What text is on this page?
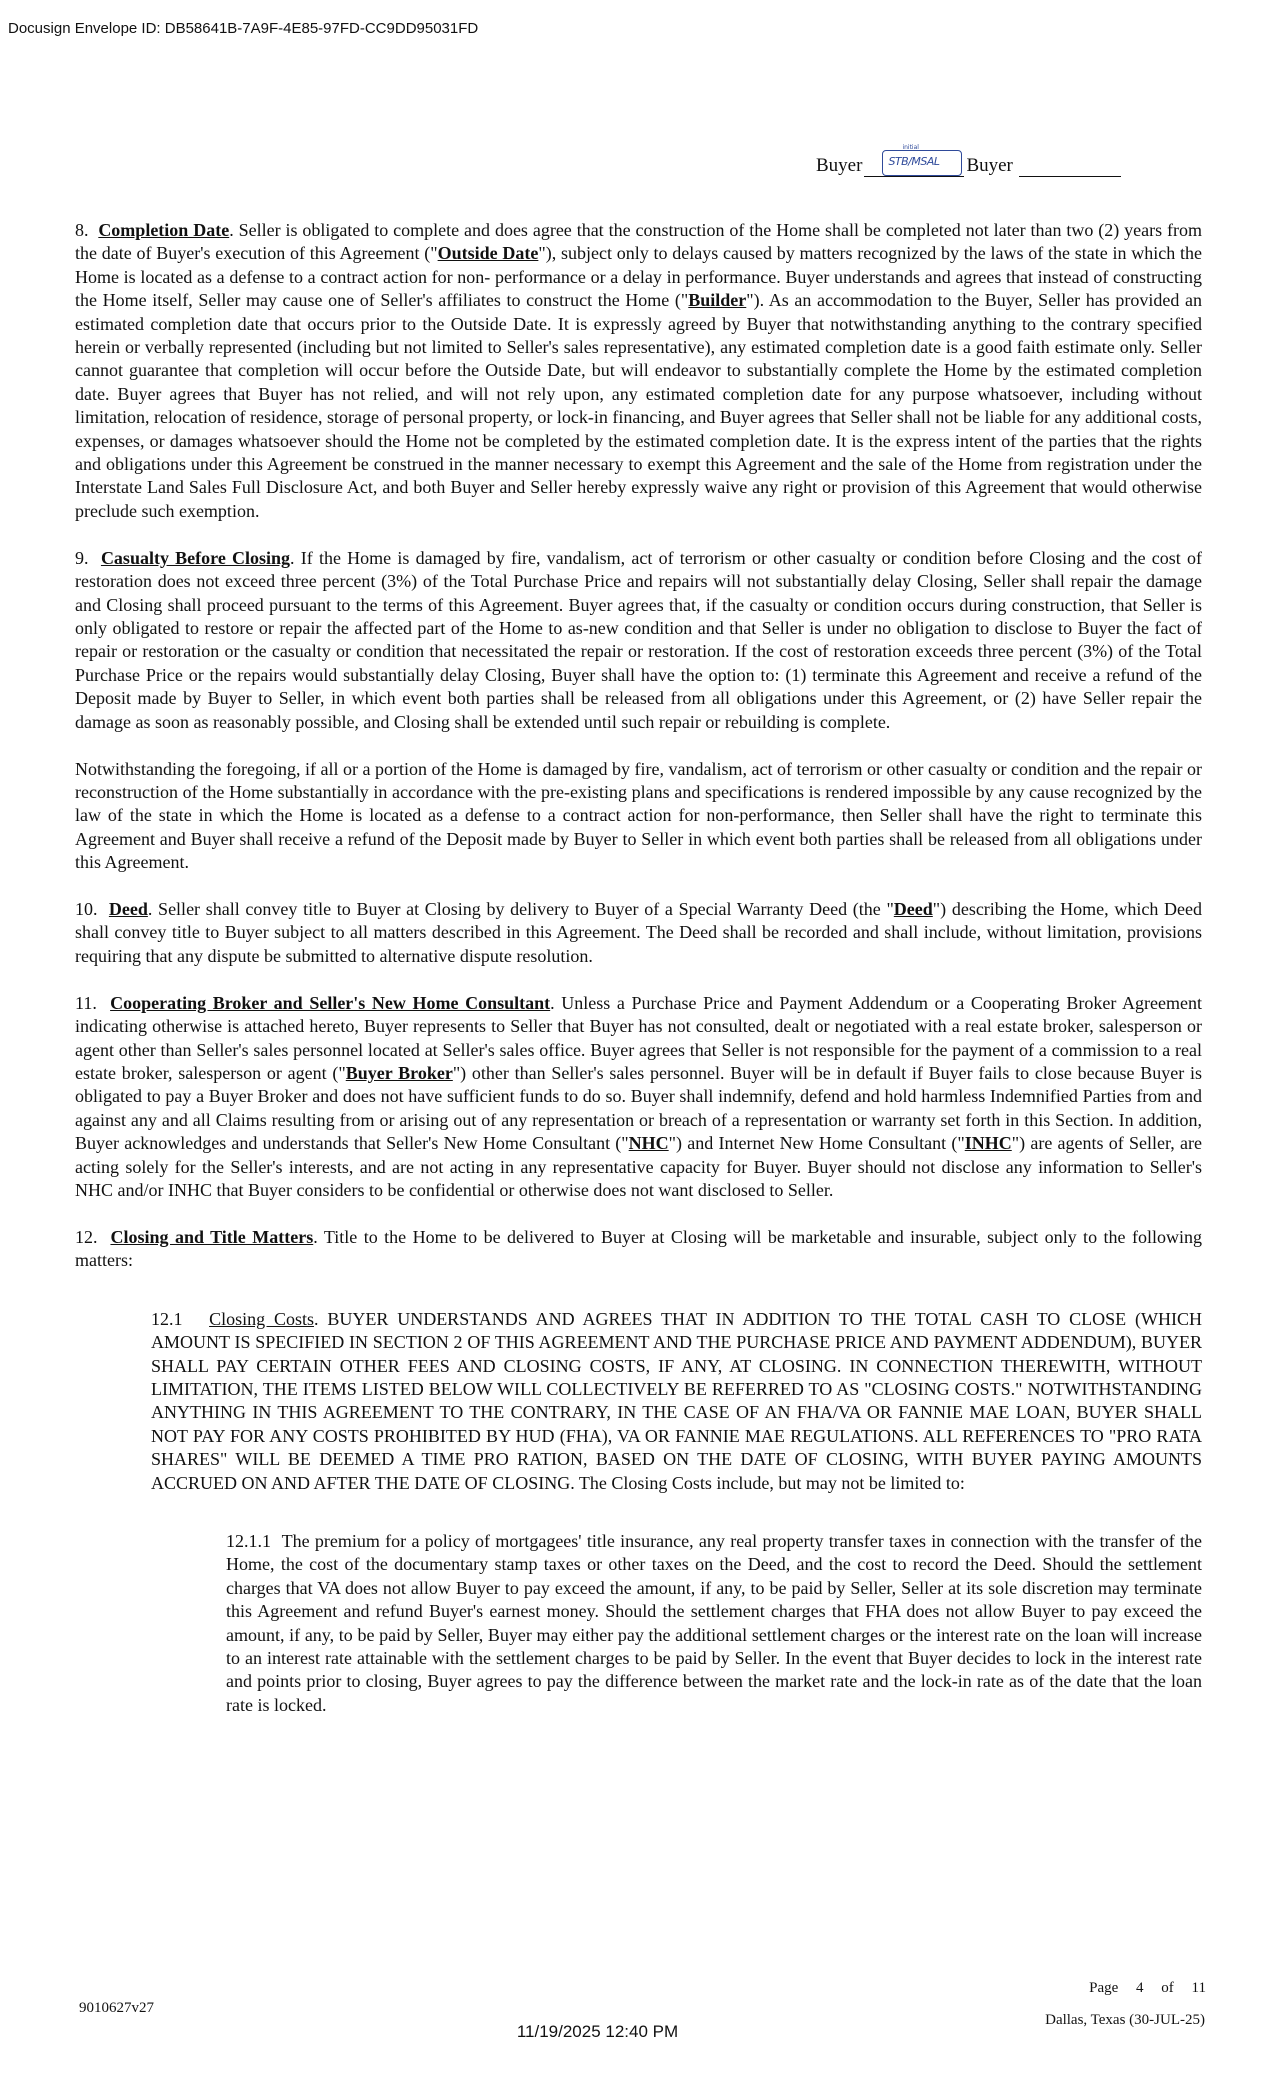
Docusign Envelope ID: DB58641B-7A9F-4E85-97FD-CC9DD95031FD
Buyer
initial
STB/MSAL Buyer

8. Completion Date. Seller is obligated to complete and does agree that the construction of the Home shall be completed not later than two (2) years from the date of Buyer's execution of this Agreement ("Outside Date"), subject only to delays caused by matters recognized by the laws of the state in which the Home is located as a defense to a contract action for non- performance or a delay in performance. Buyer understands and agrees that instead of constructing the Home itself, Seller may cause one of Seller's affiliates to construct the Home ("Builder"). As an accommodation to the Buyer, Seller has provided an estimated completion date that occurs prior to the Outside Date. It is expressly agreed by Buyer that notwithstanding anything to the contrary specified herein or verbally represented (including but not limited to Seller's sales representative), any estimated completion date is a good faith estimate only. Seller cannot guarantee that completion will occur before the Outside Date, but will endeavor to substantially complete the Home by the estimated completion date. Buyer agrees that Buyer has not relied, and will not rely upon, any estimated completion date for any purpose whatsoever, including without limitation, relocation of residence, storage of personal property, or lock-in financing, and Buyer agrees that Seller shall not be liable for any additional costs, expenses, or damages whatsoever should the Home not be completed by the estimated completion date. It is the express intent of the parties that the rights and obligations under this Agreement be construed in the manner necessary to exempt this Agreement and the sale of the Home from registration under the Interstate Land Sales Full Disclosure Act, and both Buyer and Seller hereby expressly waive any right or provision of this Agreement that would otherwise preclude such exemption.

9. Casualty Before Closing. If the Home is damaged by fire, vandalism, act of terrorism or other casualty or condition before Closing and the cost of restoration does not exceed three percent (3%) of the Total Purchase Price and repairs will not substantially delay Closing, Seller shall repair the damage and Closing shall proceed pursuant to the terms of this Agreement. Buyer agrees that, if the casualty or condition occurs during construction, that Seller is only obligated to restore or repair the affected part of the Home to as-new condition and that Seller is under no obligation to disclose to Buyer the fact of repair or restoration or the casualty or condition that necessitated the repair or restoration. If the cost of restoration exceeds three percent (3%) of the Total Purchase Price or the repairs would substantially delay Closing, Buyer shall have the option to: (1) terminate this Agreement and receive a refund of the Deposit made by Buyer to Seller, in which event both parties shall be released from all obligations under this Agreement, or (2) have Seller repair the damage as soon as reasonably possible, and Closing shall be extended until such repair or rebuilding is complete.

Notwithstanding the foregoing, if all or a portion of the Home is damaged by fire, vandalism, act of terrorism or other casualty or condition and the repair or reconstruction of the Home substantially in accordance with the pre-existing plans and specifications is rendered impossible by any cause recognized by the law of the state in which the Home is located as a defense to a contract action for non-performance, then Seller shall have the right to terminate this Agreement and Buyer shall receive a refund of the Deposit made by Buyer to Seller in which event both parties shall be released from all obligations under this Agreement.

10. Deed. Seller shall convey title to Buyer at Closing by delivery to Buyer of a Special Warranty Deed (the "Deed") describing the Home, which Deed shall convey title to Buyer subject to all matters described in this Agreement. The Deed shall be recorded and shall include, without limitation, provisions requiring that any dispute be submitted to alternative dispute resolution.

11. Cooperating Broker and Seller's New Home Consultant. Unless a Purchase Price and Payment Addendum or a Cooperating Broker Agreement indicating otherwise is attached hereto, Buyer represents to Seller that Buyer has not consulted, dealt or negotiated with a real estate broker, salesperson or agent other than Seller's sales personnel located at Seller's sales office. Buyer agrees that Seller is not responsible for the payment of a commission to a real estate broker, salesperson or agent ("Buyer Broker") other than Seller's sales personnel. Buyer will be in default if Buyer fails to close because Buyer is obligated to pay a Buyer Broker and does not have sufficient funds to do so. Buyer shall indemnify, defend and hold harmless Indemnified Parties from and against any and all Claims resulting from or arising out of any representation or breach of a representation or warranty set forth in this Section. In addition, Buyer acknowledges and understands that Seller's New Home Consultant ("NHC") and Internet New Home Consultant ("INHC") are agents of Seller, are acting solely for the Seller's interests, and are not acting in any representative capacity for Buyer. Buyer should not disclose any information to Seller's NHC and/or INHC that Buyer considers to be confidential or otherwise does not want disclosed to Seller.

12. Closing and Title Matters. Title to the Home to be delivered to Buyer at Closing will be marketable and insurable, subject only to the following matters:

12.1 Closing Costs. BUYER UNDERSTANDS AND AGREES THAT IN ADDITION TO THE TOTAL CASH TO CLOSE (WHICH AMOUNT IS SPECIFIED IN SECTION 2 OF THIS AGREEMENT AND THE PURCHASE PRICE AND PAYMENT ADDENDUM), BUYER SHALL PAY CERTAIN OTHER FEES AND CLOSING COSTS, IF ANY, AT CLOSING. IN CONNECTION THEREWITH, WITHOUT LIMITATION, THE ITEMS LISTED BELOW WILL COLLECTIVELY BE REFERRED TO AS "CLOSING COSTS." NOTWITHSTANDING ANYTHING IN THIS AGREEMENT TO THE CONTRARY, IN THE CASE OF AN FHA/VA OR FANNIE MAE LOAN, BUYER SHALL NOT PAY FOR ANY COSTS PROHIBITED BY HUD (FHA), VA OR FANNIE MAE REGULATIONS. ALL REFERENCES TO "PRO RATA SHARES" WILL BE DEEMED A TIME PRO RATION, BASED ON THE DATE OF CLOSING, WITH BUYER PAYING AMOUNTS ACCRUED ON AND AFTER THE DATE OF CLOSING. The Closing Costs include, but may not be limited to:

12.1.1 The premium for a policy of mortgagees' title insurance, any real property transfer taxes in connection with the transfer of the Home, the cost of the documentary stamp taxes or other taxes on the Deed, and the cost to record the Deed. Should the settlement charges that VA does not allow Buyer to pay exceed the amount, if any, to be paid by Seller, Seller at its sole discretion may terminate this Agreement and refund Buyer's earnest money. Should the settlement charges that FHA does not allow Buyer to pay exceed the amount, if any, to be paid by Seller, Buyer may either pay the additional settlement charges or the interest rate on the loan will increase to an interest rate attainable with the settlement charges to be paid by Seller. In the event that Buyer decides to lock in the interest rate and points prior to closing, Buyer agrees to pay the difference between the market rate and the lock-in rate as of the date that the loan rate is locked.

Page 4 of 11
9010627v27
Dallas, Texas (30-JUL-25)
11/19/2025 12:40 PM
